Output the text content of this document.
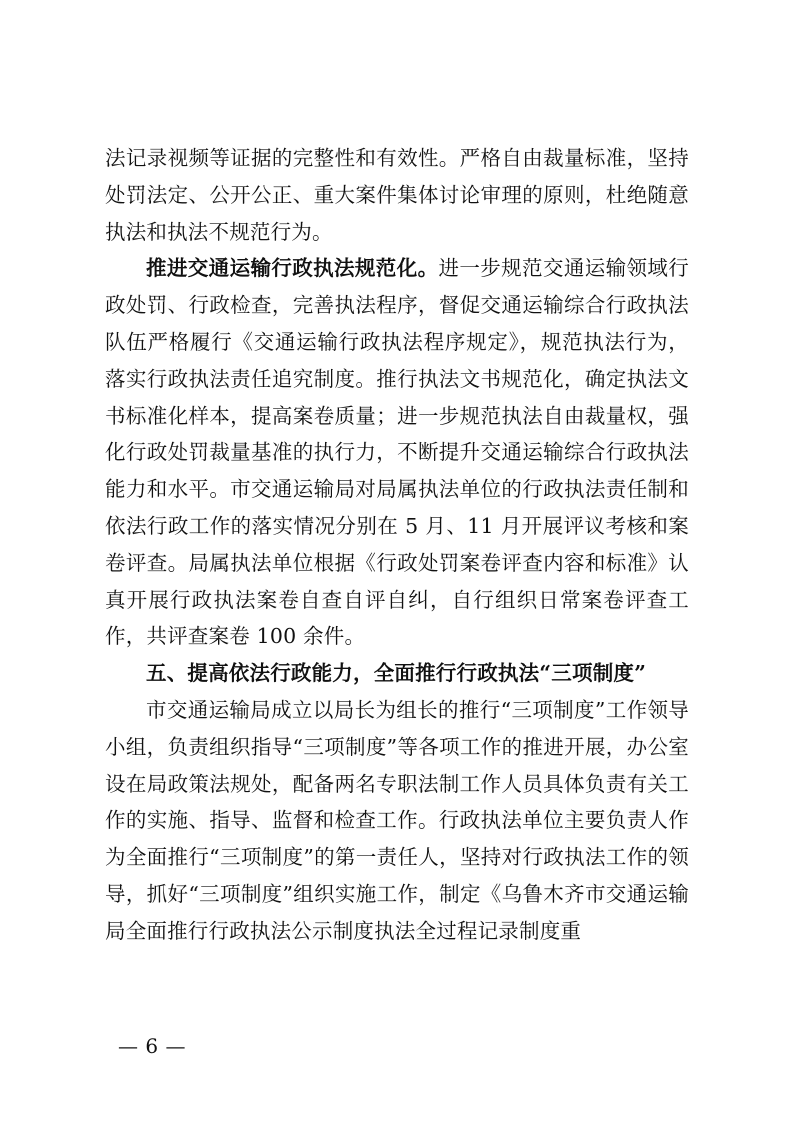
法记录视频等证据的完整性和有效性。严格自由裁量标准，坚持处罚法定、公开公正、重大案件集体讨论审理的原则，杜绝随意执法和执法不规范行为。

推进交通运输行政执法规范化。进一步规范交通运输领域行政处罚、行政检查，完善执法程序，督促交通运输综合行政执法队伍严格履行《交通运输行政执法程序规定》，规范执法行为，落实行政执法责任追究制度。推行执法文书规范化，确定执法文书标准化样本，提高案卷质量；进一步规范执法自由裁量权，强化行政处罚裁量基准的执行力，不断提升交通运输综合行政执法能力和水平。市交通运输局对局属执法单位的行政执法责任制和依法行政工作的落实情况分别在 5 月、11 月开展评议考核和案卷评查。局属执法单位根据《行政处罚案卷评查内容和标准》认真开展行政执法案卷自查自评自纠，自行组织日常案卷评查工作，共评查案卷 100 余件。

五、提高依法行政能力，全面推行行政执法“三项制度”

市交通运输局成立以局长为组长的推行“三项制度”工作领导小组，负责组织指导“三项制度”等各项工作的推进开展，办公室设在局政策法规处，配备两名专职法制工作人员具体负责有关工作的实施、指导、监督和检查工作。行政执法单位主要负责人作为全面推行“三项制度”的第一责任人，坚持对行政执法工作的领导，抓好“三项制度”组织实施工作，制定《乌鲁木齐市交通运输局全面推行行政执法公示制度执法全过程记录制度重

— 6 —
